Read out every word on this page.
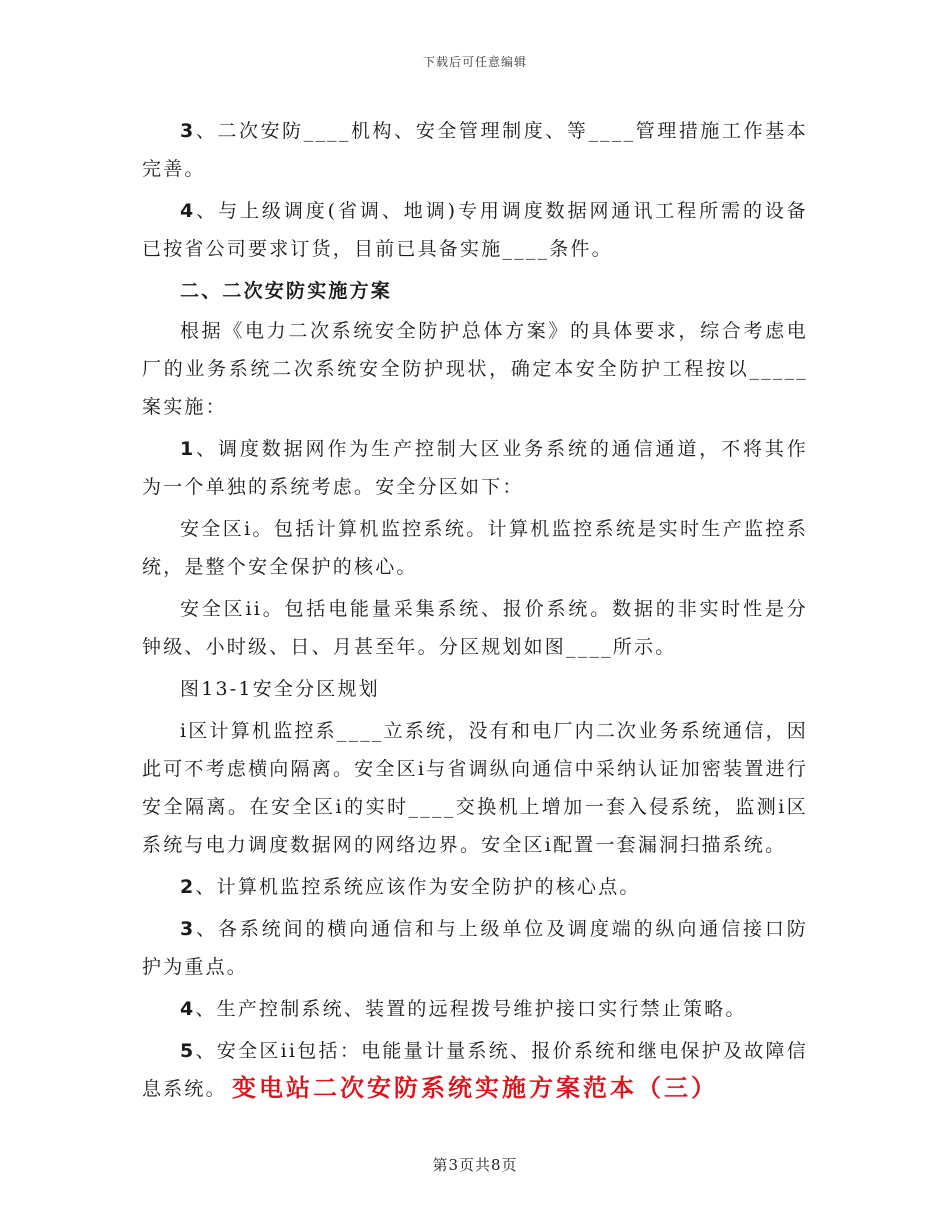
下载后可任意编辑

3、二次安防____机构、安全管理制度、等____管理措施工作基本完善。

4、与上级调度(省调、地调)专用调度数据网通讯工程所需的设备已按省公司要求订货，目前已具备实施____条件。

二、二次安防实施方案

根据《电力二次系统安全防护总体方案》的具体要求，综合考虑电厂的业务系统二次系统安全防护现状，确定本安全防护工程按以_____案实施：

1、调度数据网作为生产控制大区业务系统的通信通道，不将其作为一个单独的系统考虑。安全分区如下：

安全区i。包括计算机监控系统。计算机监控系统是实时生产监控系统，是整个安全保护的核心。

安全区ii。包括电能量采集系统、报价系统。数据的非实时性是分钟级、小时级、日、月甚至年。分区规划如图____所示。

图13-1安全分区规划

i区计算机监控系____立系统，没有和电厂内二次业务系统通信，因此可不考虑横向隔离。安全区i与省调纵向通信中采纳认证加密装置进行安全隔离。在安全区i的实时____交换机上增加一套入侵系统，监测i区系统与电力调度数据网的网络边界。安全区i配置一套漏洞扫描系统。

2、计算机监控系统应该作为安全防护的核心点。

3、各系统间的横向通信和与上级单位及调度端的纵向通信接口防护为重点。

4、生产控制系统、装置的远程拨号维护接口实行禁止策略。

5、安全区ii包括：电能量计量系统、报价系统和继电保护及故障信息系统。 变电站二次安防系统实施方案范本（三）
第3页共8页
